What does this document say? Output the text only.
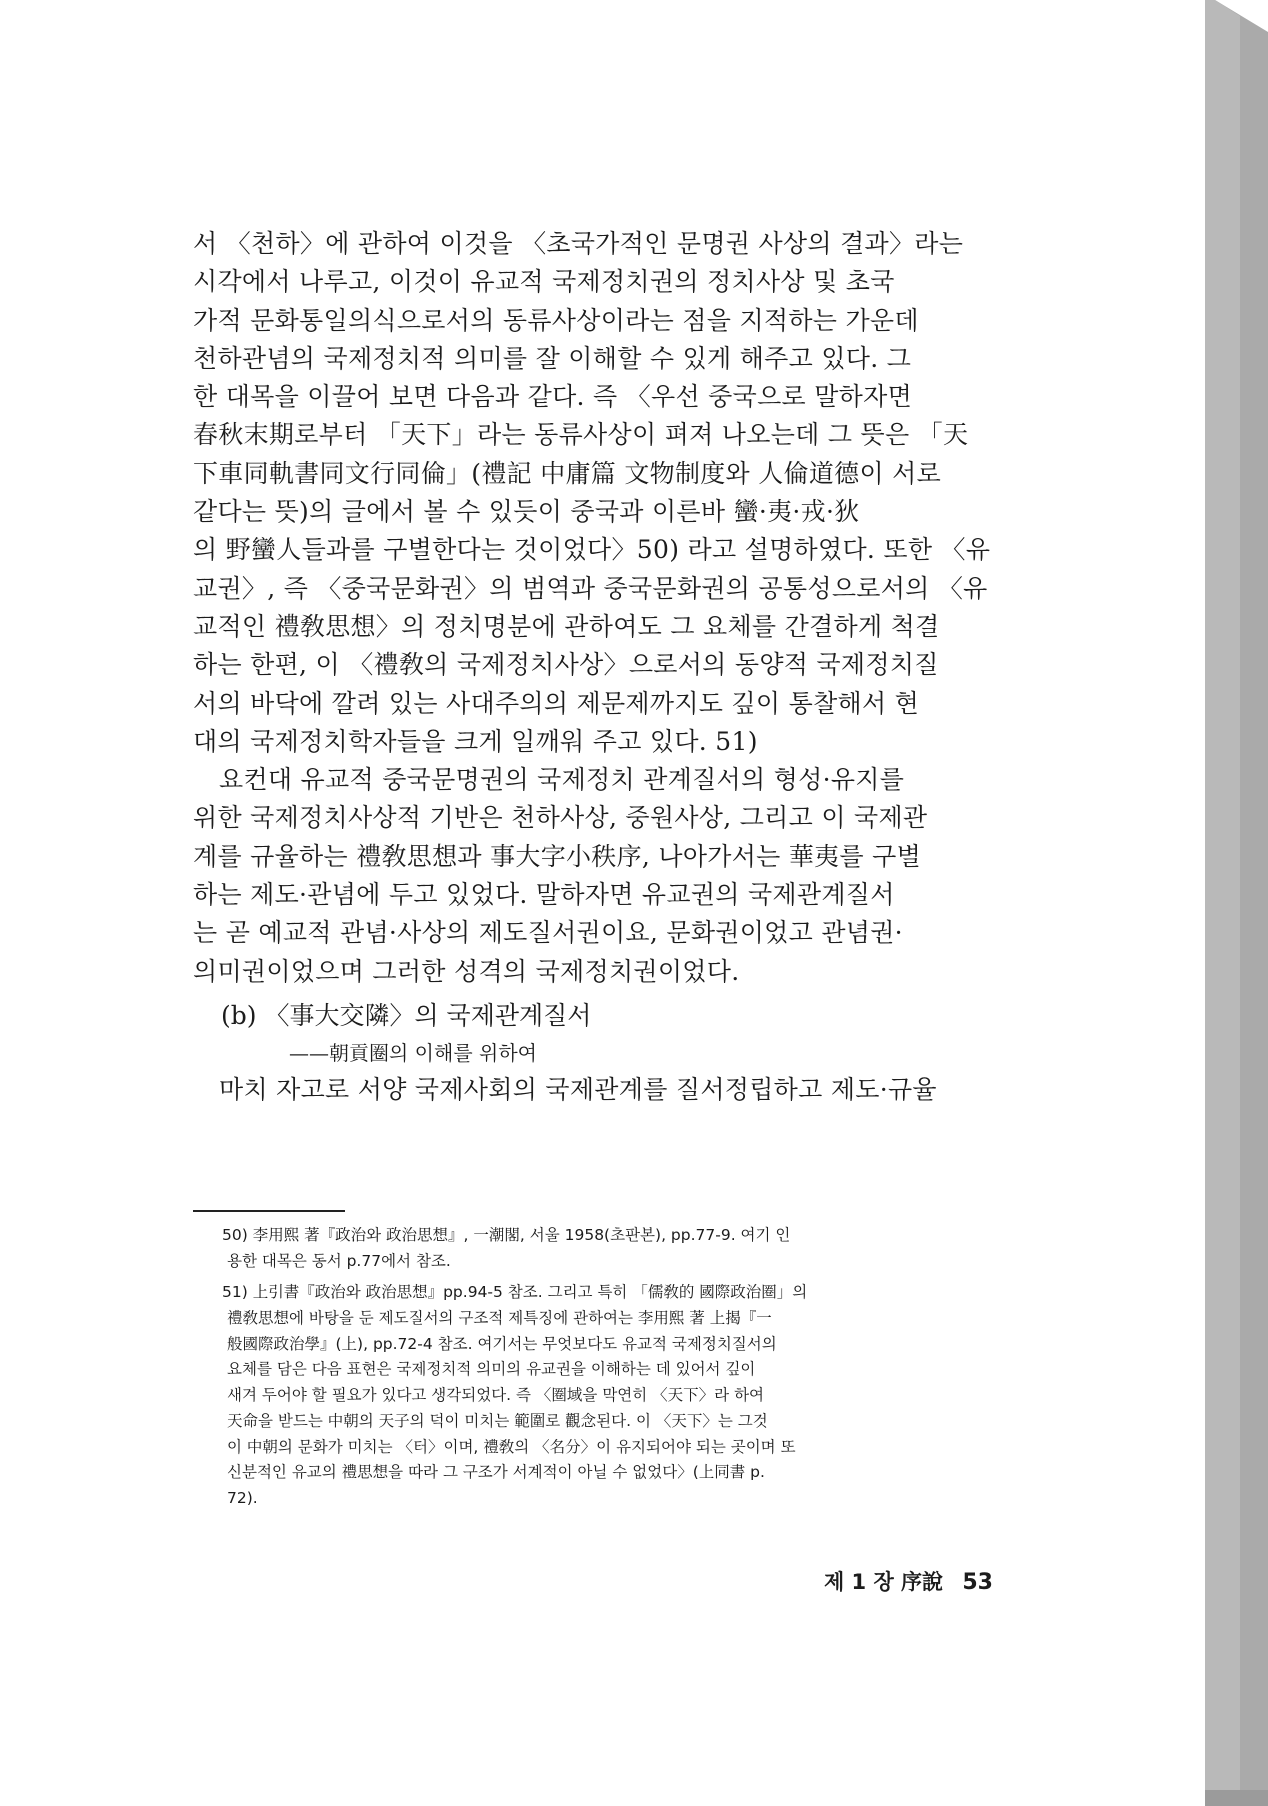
서 〈천하〉에 관하여 이것을 〈초국가적인 문명권 사상의 결과〉라는
시각에서 나루고, 이것이 유교적 국제정치권의 정치사상 및 초국
가적 문화통일의식으로서의 동류사상이라는 점을 지적하는 가운데
천하관념의 국제정치적 의미를 잘 이해할 수 있게 해주고 있다. 그
한 대목을 이끌어 보면 다음과 같다. 즉 〈우선 중국으로 말하자면
春秋末期로부터 「天下」라는 동류사상이 펴져 나오는데 그 뜻은 「天
下車同軌書同文行同倫」(禮記 中庸篇 文物制度와 人倫道德이 서로
같다는 뜻)의 글에서 볼 수 있듯이 중국과 이른바 蠻·夷·戎·狄
의 野蠻人들과를 구별한다는 것이었다〉50) 라고 설명하였다. 또한 〈유
교권〉, 즉 〈중국문화권〉의 범역과 중국문화권의 공통성으로서의 〈유
교적인 禮敎思想〉의 정치명분에 관하여도 그 요체를 간결하게 척결
하는 한편, 이 〈禮敎의 국제정치사상〉으로서의 동양적 국제정치질
서의 바닥에 깔려 있는 사대주의의 제문제까지도 깊이 통찰해서 현
대의 국제정치학자들을 크게 일깨워 주고 있다. 51)
요컨대 유교적 중국문명권의 국제정치 관계질서의 형성·유지를
위한 국제정치사상적 기반은 천하사상, 중원사상, 그리고 이 국제관
계를 규율하는 禮敎思想과 事大字小秩序, 나아가서는 華夷를 구별
하는 제도·관념에 두고 있었다. 말하자면 유교권의 국제관계질서
는 곧 예교적 관념·사상의 제도질서권이요, 문화권이었고 관념권·
의미권이었으며 그러한 성격의 국제정치권이었다.
(b) 〈事大交隣〉의 국제관계질서
——朝貢圈의 이해를 위하여
마치 자고로 서양 국제사회의 국제관계를 질서정립하고 제도·규율
50) 李用熙 著『政治와 政治思想』, 一潮閣, 서울 1958(초판본), pp.77-9. 여기 인
용한 대목은 동서 p.77에서 참조.
51) 上引書『政治와 政治思想』pp.94-5 참조. 그리고 특히 「儒敎的 國際政治圈」의
禮敎思想에 바탕을 둔 제도질서의 구조적 제특징에 관하여는 李用熙 著 上揭『一
般國際政治學』(上), pp.72-4 참조. 여기서는 무엇보다도 유교적 국제정치질서의
요체를 담은 다음 표현은 국제정치적 의미의 유교권을 이해하는 데 있어서 깊이
새겨 두어야 할 필요가 있다고 생각되었다. 즉 〈圈域을 막연히 〈天下〉라 하여
天命을 받드는 中朝의 天子의 덕이 미치는 範圍로 觀念된다. 이 〈天下〉는 그것
이 中朝의 문화가 미치는 〈터〉이며, 禮敎의 〈名分〉이 유지되어야 되는 곳이며 또
신분적인 유교의 禮思想을 따라 그 구조가 서계적이 아닐 수 없었다〉(上同書 p.
72).
제 1 장 序說 53
